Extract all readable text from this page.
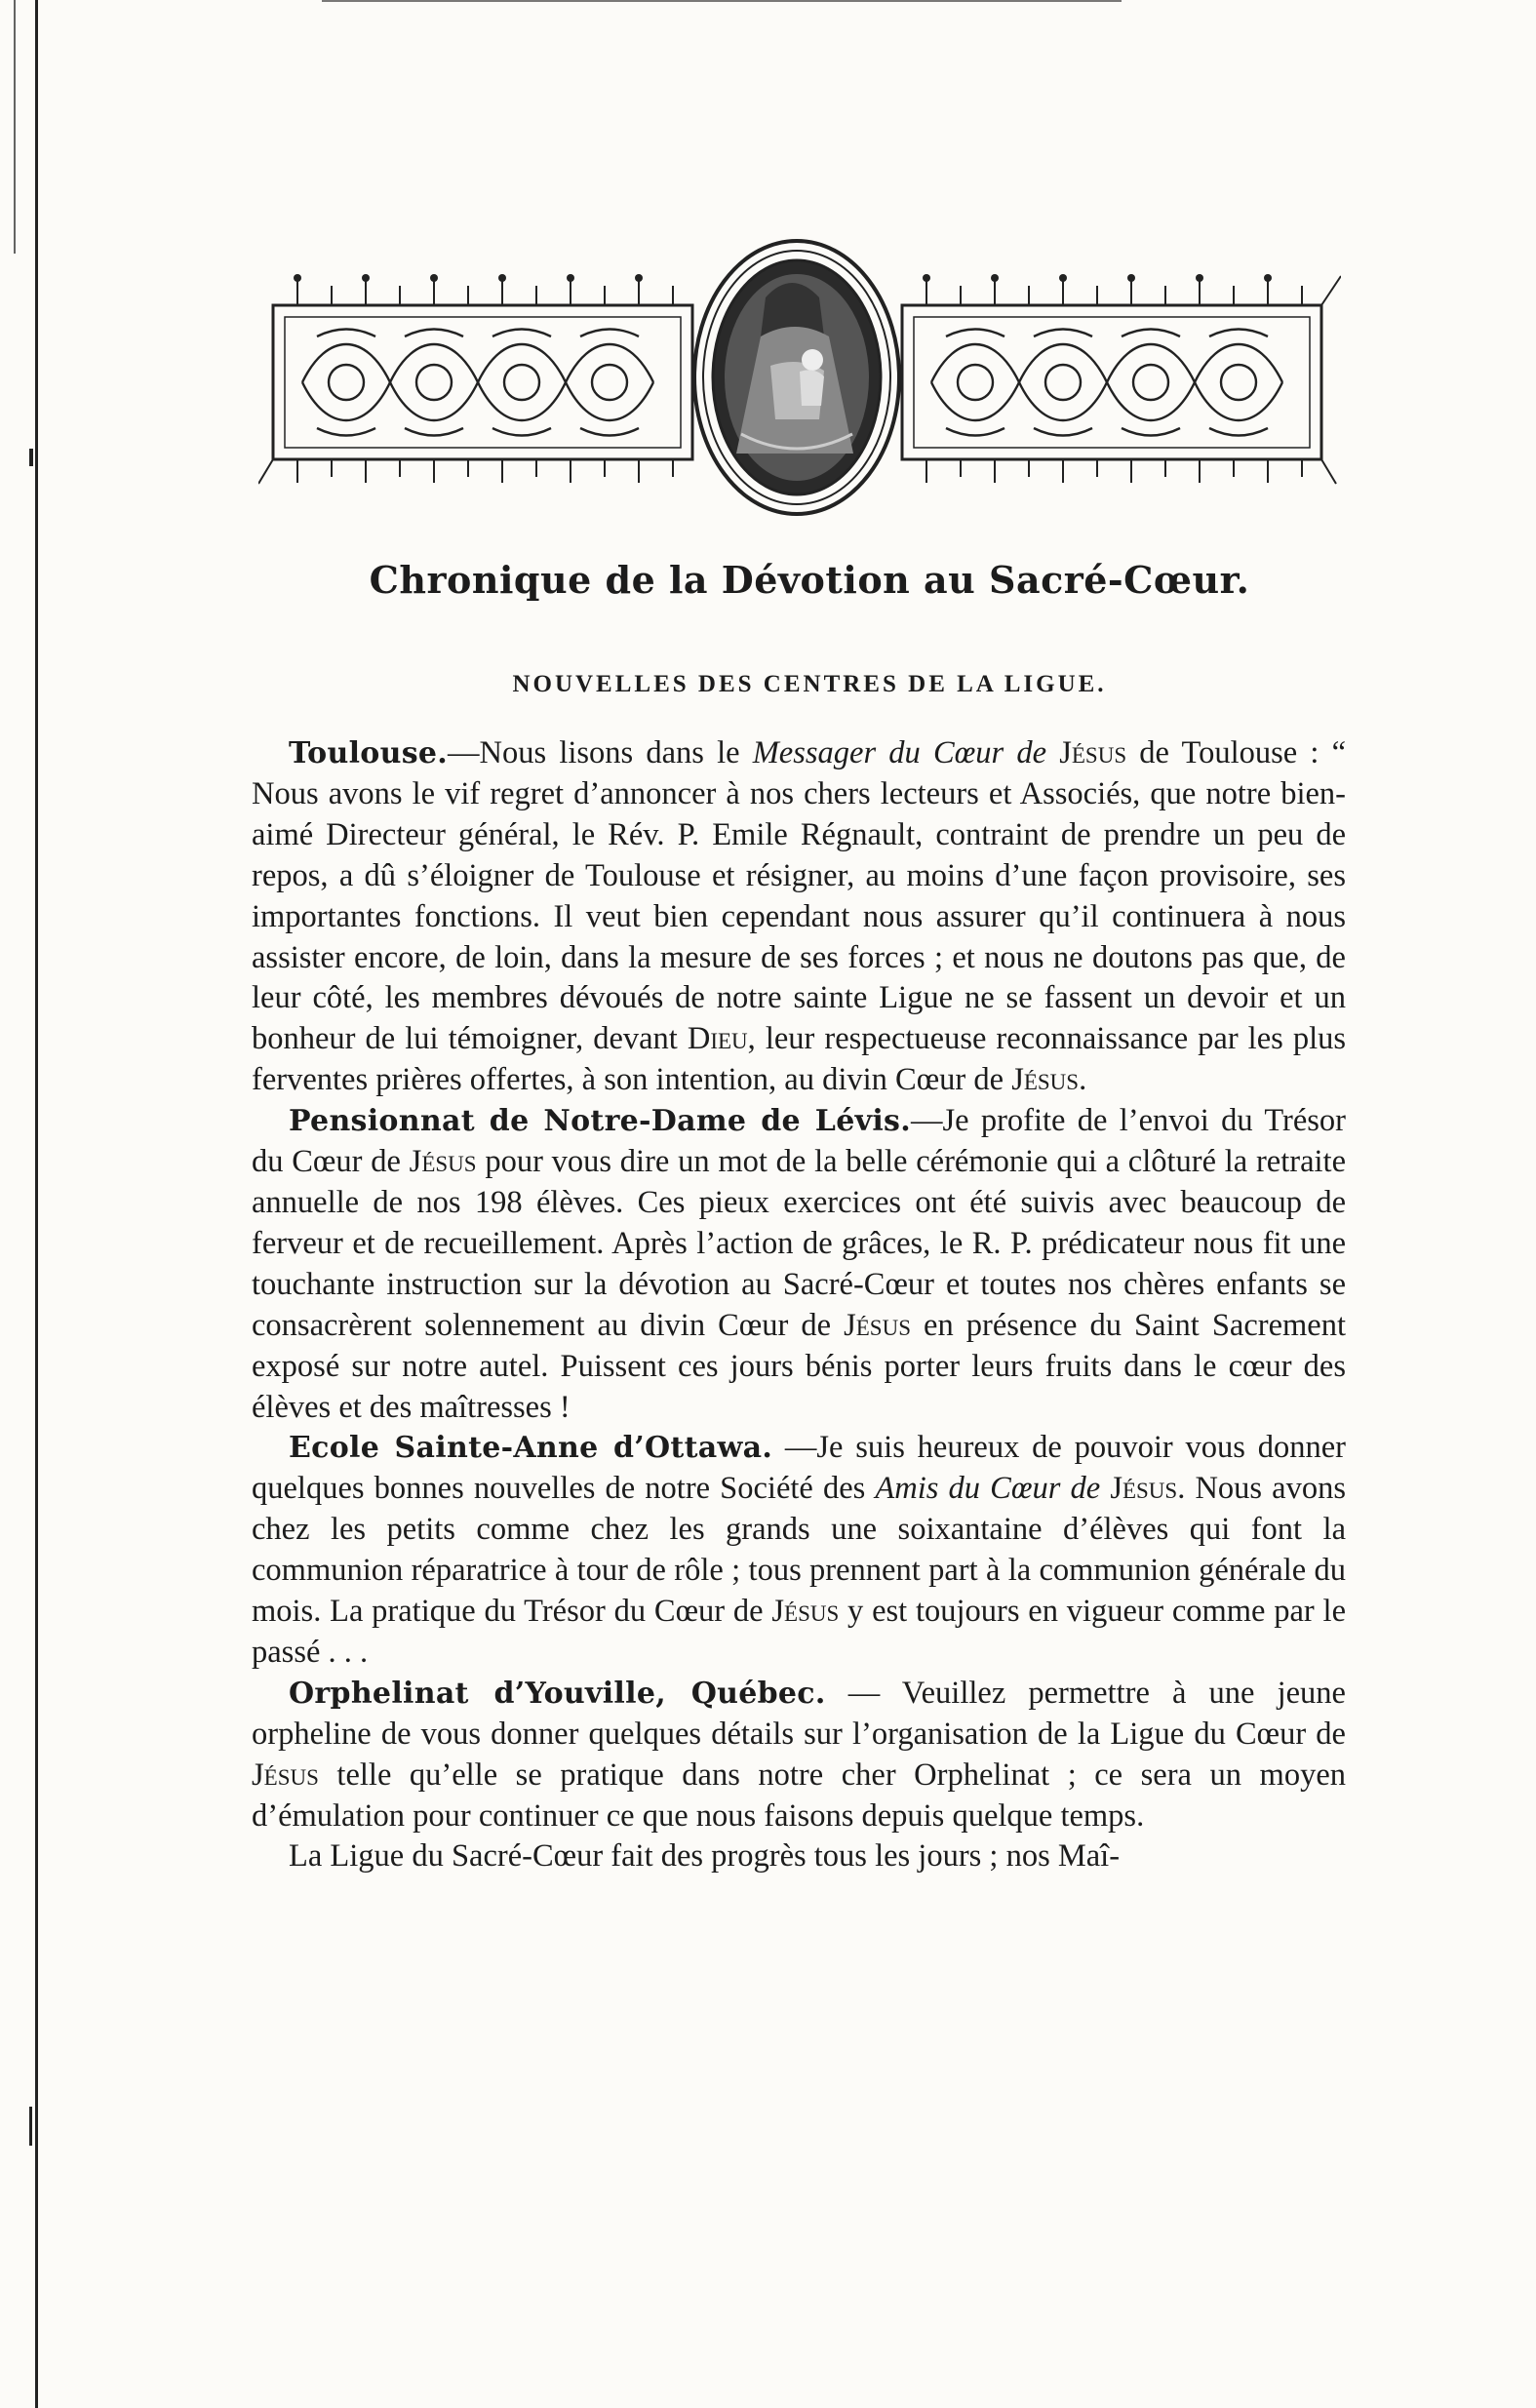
Chronique de la Dévotion au Sacré-Cœur.
NOUVELLES DES CENTRES DE LA LIGUE.

Toulouse.—Nous lisons dans le Messager du Cœur de Jésus de Toulouse : “ Nous avons le vif regret d’annoncer à nos chers lecteurs et Associés, que notre bien-aimé Directeur général, le Rév. P. Emile Régnault, contraint de prendre un peu de repos, a dû s’éloigner de Toulouse et résigner, au moins d’une façon provisoire, ses importantes fonctions. Il veut bien cependant nous assurer qu’il continuera à nous assister encore, de loin, dans la mesure de ses forces ; et nous ne doutons pas que, de leur côté, les membres dévoués de notre sainte Ligue ne se fassent un devoir et un bonheur de lui témoigner, devant Dieu, leur respectueuse reconnaissance par les plus ferventes prières offertes, à son intention, au divin Cœur de Jésus.

Pensionnat de Notre-Dame de Lévis.—Je profite de l’envoi du Trésor du Cœur de Jésus pour vous dire un mot de la belle cérémonie qui a clôturé la retraite annuelle de nos 198 élèves. Ces pieux exercices ont été suivis avec beaucoup de ferveur et de recueillement. Après l’action de grâces, le R. P. prédicateur nous fit une touchante instruction sur la dévotion au Sacré-Cœur et toutes nos chères enfants se consacrèrent solennement au divin Cœur de Jésus en présence du Saint Sacrement exposé sur notre autel. Puissent ces jours bénis porter leurs fruits dans le cœur des élèves et des maîtresses !

Ecole Sainte-Anne d’Ottawa. —Je suis heureux de pouvoir vous donner quelques bonnes nouvelles de notre Société des Amis du Cœur de Jésus. Nous avons chez les petits comme chez les grands une soixantaine d’élèves qui font la communion réparatrice à tour de rôle ; tous prennent part à la communion générale du mois. La pratique du Trésor du Cœur de Jésus y est toujours en vigueur comme par le passé . . .

Orphelinat d’Youville, Québec. — Veuillez permettre à une jeune orpheline de vous donner quelques détails sur l’organisation de la Ligue du Cœur de Jésus telle qu’elle se pratique dans notre cher Orphelinat ; ce sera un moyen d’émulation pour continuer ce que nous faisons depuis quelque temps.

La Ligue du Sacré-Cœur fait des progrès tous les jours ; nos Maî-
